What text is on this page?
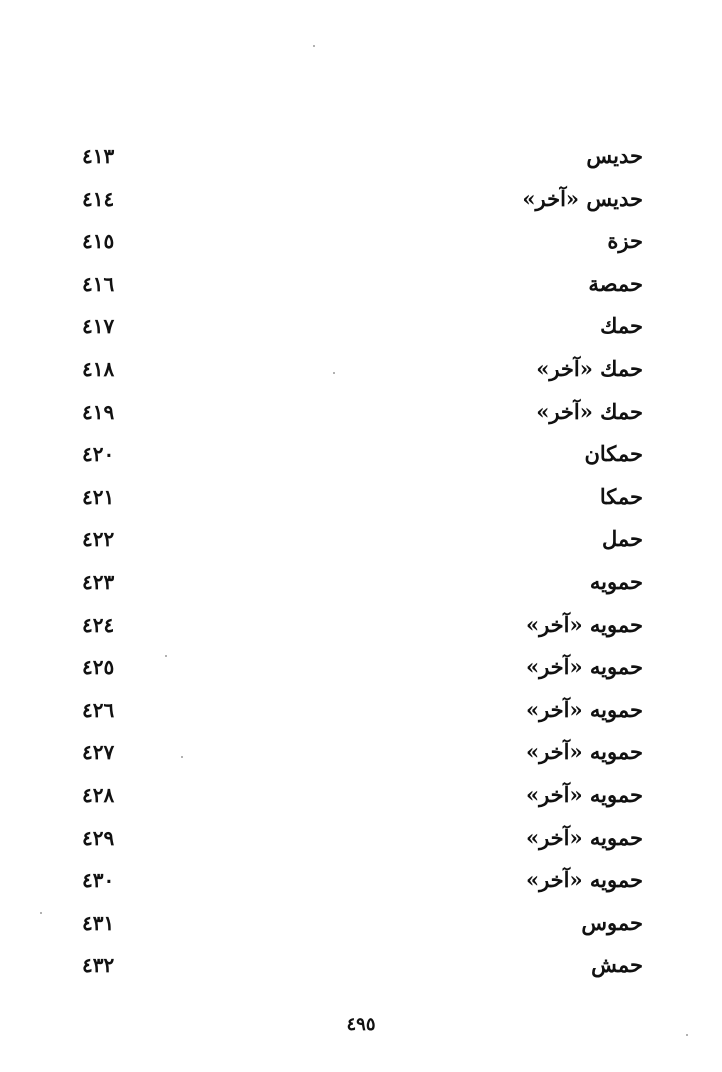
حديس
٤١٣
حديس «آخر»
٤١٤
حزة
٤١٥
حمصة
٤١٦
حمك
٤١٧
حمك «آخر»
٤١٨
حمك «آخر»
٤١٩
حمكان
٤٢٠
حمكا
٤٢١
حمل
٤٢٢
حمويه
٤٢٣
حمويه «آخر»
٤٢٤
حمويه «آخر»
٤٢٥
حمويه «آخر»
٤٢٦
حمويه «آخر»
٤٢٧
حمويه «آخر»
٤٢٨
حمويه «آخر»
٤٢٩
حمويه «آخر»
٤٣٠
حموس
٤٣١
حمش
٤٣٢
٤٩٥
